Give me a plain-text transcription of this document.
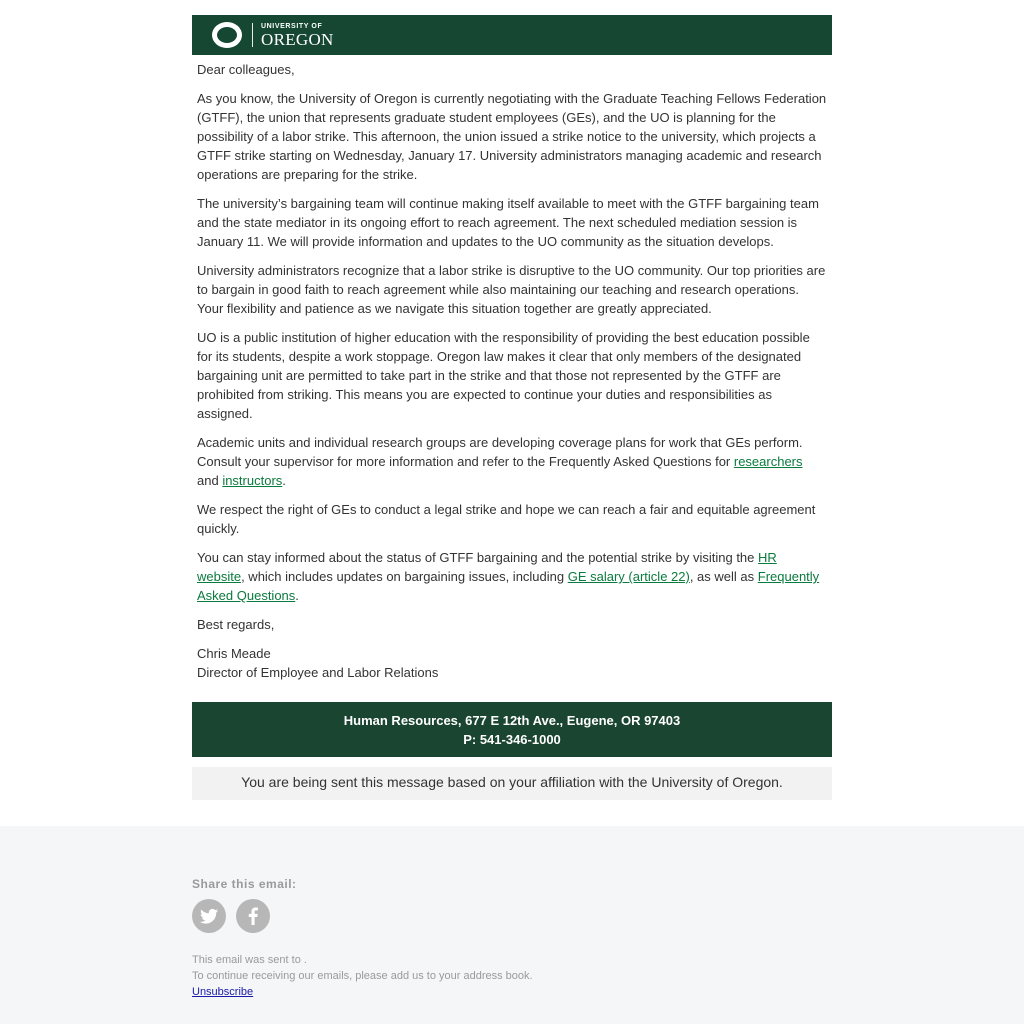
UNIVERSITY OF
OREGON

Dear colleagues,

As you know, the University of Oregon is currently negotiating with the Graduate Teaching Fellows Federation (GTFF), the union that represents graduate student employees (GEs), and the UO is planning for the possibility of a labor strike. This afternoon, the union issued a strike notice to the university, which projects a GTFF strike starting on Wednesday, January 17. University administrators managing academic and research operations are preparing for the strike.

The university’s bargaining team will continue making itself available to meet with the GTFF bargaining team and the state mediator in its ongoing effort to reach agreement. The next scheduled mediation session is January 11. We will provide information and updates to the UO community as the situation develops.

University administrators recognize that a labor strike is disruptive to the UO community. Our top priorities are to bargain in good faith to reach agreement while also maintaining our teaching and research operations. Your flexibility and patience as we navigate this situation together are greatly appreciated.

UO is a public institution of higher education with the responsibility of providing the best education possible for its students, despite a work stoppage. Oregon law makes it clear that only members of the designated bargaining unit are permitted to take part in the strike and that those not represented by the GTFF are prohibited from striking. This means you are expected to continue your duties and responsibilities as assigned.

Academic units and individual research groups are developing coverage plans for work that GEs perform. Consult your supervisor for more information and refer to the Frequently Asked Questions for researchers and instructors.

We respect the right of GEs to conduct a legal strike and hope we can reach a fair and equitable agreement quickly.

You can stay informed about the status of GTFF bargaining and the potential strike by visiting the HR website, which includes updates on bargaining issues, including GE salary (article 22), as well as Frequently Asked Questions.

Best regards,

Chris Meade
Director of Employee and Labor Relations

Human Resources, 677 E 12th Ave., Eugene, OR 97403
P: 541-346-1000
You are being sent this message based on your affiliation with the University of Oregon.
Share this email:
This email was sent to .
To continue receiving our emails, please add us to your address book.
Unsubscribe
